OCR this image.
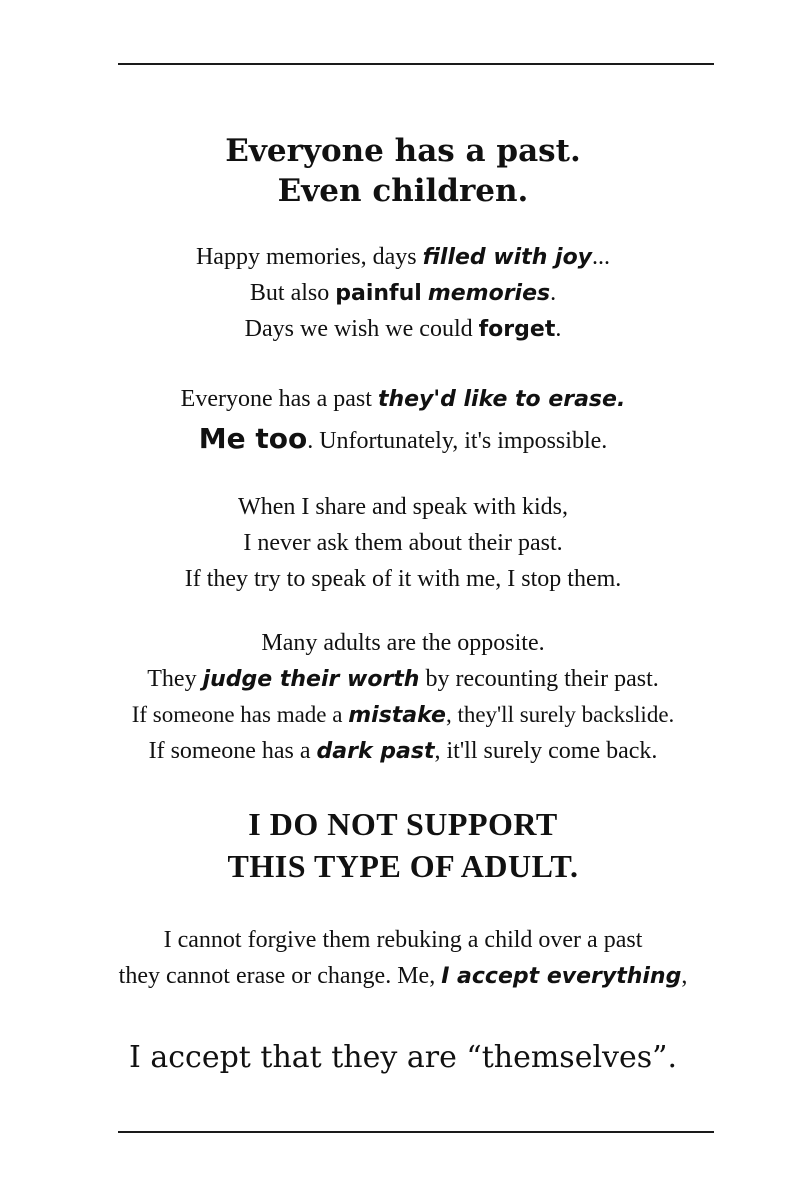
Everyone has a past.
Even children.
Happy memories, days filled with joy...
But also painful memories.
Days we wish we could forget.
Everyone has a past they'd like to erase.
Me too. Unfortunately, it's impossible.
When I share and speak with kids,
I never ask them about their past.
If they try to speak of it with me, I stop them.
Many adults are the opposite.
They judge their worth by recounting their past.
If someone has made a mistake, they'll surely backslide.
If someone has a dark past, it'll surely come back.
I DO NOT SUPPORT
THIS TYPE OF ADULT.
I cannot forgive them rebuking a child over a past
they cannot erase or change. Me, I accept everything,
I accept that they are “themselves”.
